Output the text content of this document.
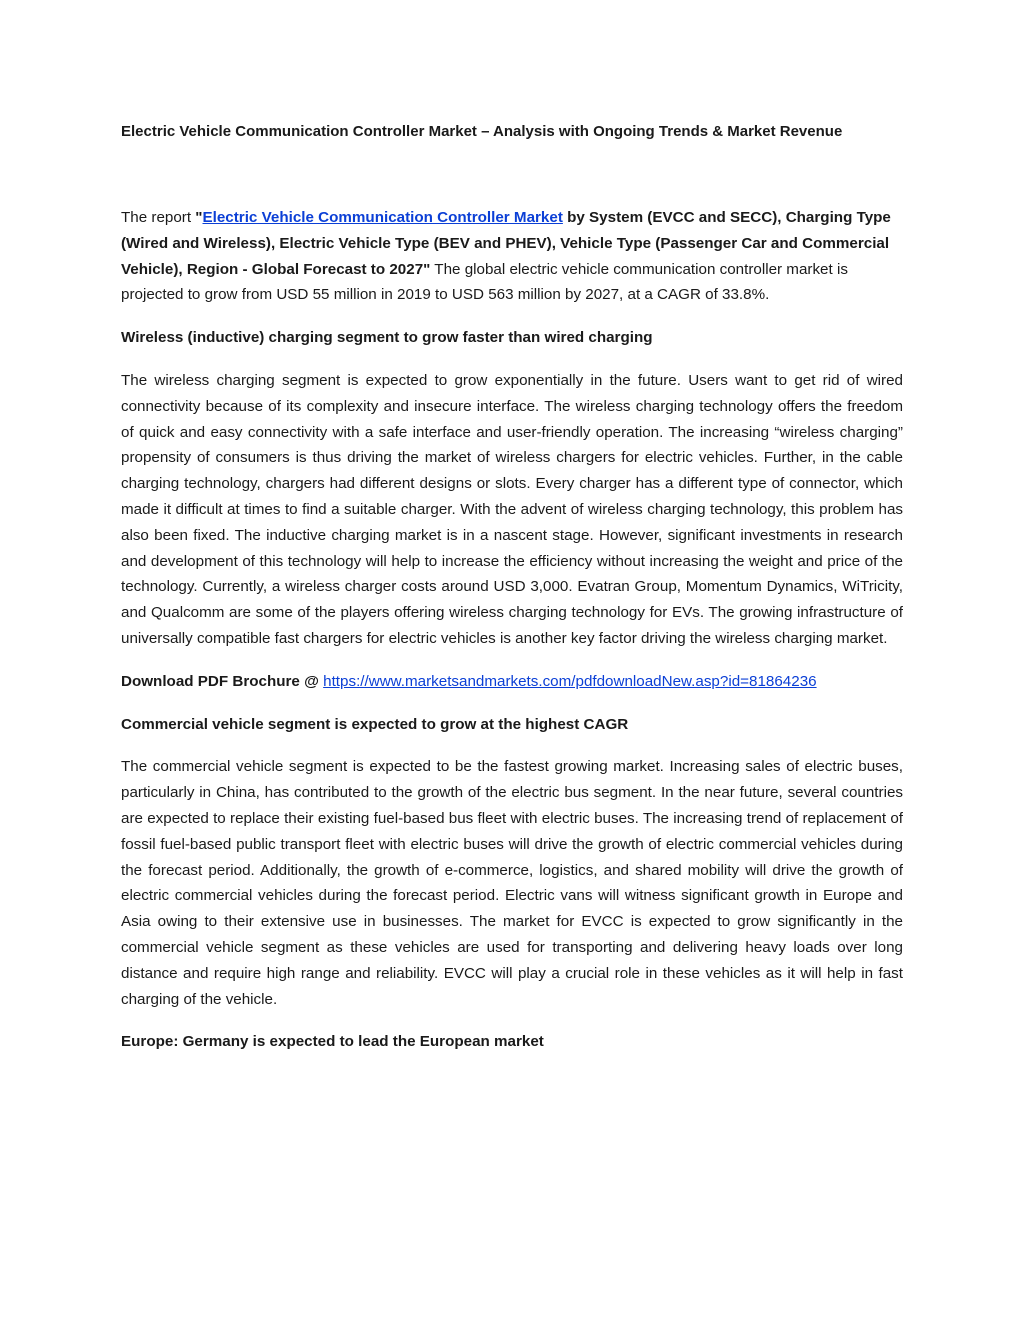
Electric Vehicle Communication Controller Market – Analysis with Ongoing Trends & Market Revenue

The report "Electric Vehicle Communication Controller Market by System (EVCC and SECC), Charging Type (Wired and Wireless), Electric Vehicle Type (BEV and PHEV), Vehicle Type (Passenger Car and Commercial Vehicle), Region - Global Forecast to 2027" The global electric vehicle communication controller market is projected to grow from USD 55 million in 2019 to USD 563 million by 2027, at a CAGR of 33.8%.

Wireless (inductive) charging segment to grow faster than wired charging

The wireless charging segment is expected to grow exponentially in the future. Users want to get rid of wired connectivity because of its complexity and insecure interface. The wireless charging technology offers the freedom of quick and easy connectivity with a safe interface and user-friendly operation. The increasing “wireless charging” propensity of consumers is thus driving the market of wireless chargers for electric vehicles. Further, in the cable charging technology, chargers had different designs or slots. Every charger has a different type of connector, which made it difficult at times to find a suitable charger. With the advent of wireless charging technology, this problem has also been fixed. The inductive charging market is in a nascent stage. However, significant investments in research and development of this technology will help to increase the efficiency without increasing the weight and price of the technology. Currently, a wireless charger costs around USD 3,000. Evatran Group, Momentum Dynamics, WiTricity, and Qualcomm are some of the players offering wireless charging technology for EVs. The growing infrastructure of universally compatible fast chargers for electric vehicles is another key factor driving the wireless charging market.

Download PDF Brochure @ https://www.marketsandmarkets.com/pdfdownloadNew.asp?id=81864236
Commercial vehicle segment is expected to grow at the highest CAGR

The commercial vehicle segment is expected to be the fastest growing market. Increasing sales of electric buses, particularly in China, has contributed to the growth of the electric bus segment. In the near future, several countries are expected to replace their existing fuel-based bus fleet with electric buses. The increasing trend of replacement of fossil fuel-based public transport fleet with electric buses will drive the growth of electric commercial vehicles during the forecast period. Additionally, the growth of e-commerce, logistics, and shared mobility will drive the growth of electric commercial vehicles during the forecast period. Electric vans will witness significant growth in Europe and Asia owing to their extensive use in businesses. The market for EVCC is expected to grow significantly in the commercial vehicle segment as these vehicles are used for transporting and delivering heavy loads over long distance and require high range and reliability. EVCC will play a crucial role in these vehicles as it will help in fast charging of the vehicle.

Europe: Germany is expected to lead the European market
